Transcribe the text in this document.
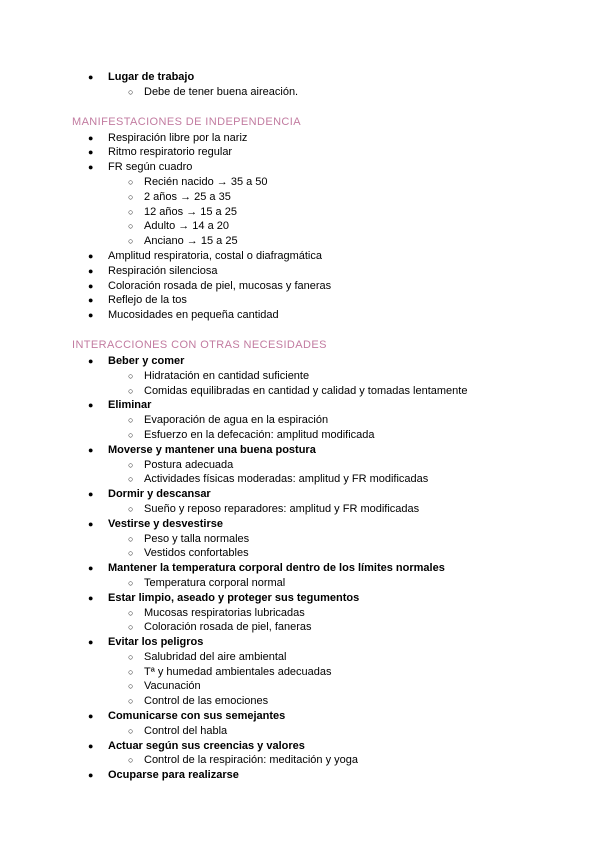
● Lugar de trabajo
○ Debe de tener buena aireación.
MANIFESTACIONES DE INDEPENDENCIA
● Respiración libre por la nariz
● Ritmo respiratorio regular
● FR según cuadro
○ Recién nacido → 35 a 50
○ 2 años → 25 a 35
○ 12 años → 15 a 25
○ Adulto → 14 a 20
○ Anciano → 15 a 25
● Amplitud respiratoria, costal o diafragmática
● Respiración silenciosa
● Coloración rosada de piel, mucosas y faneras
● Reflejo de la tos
● Mucosidades en pequeña cantidad
INTERACCIONES CON OTRAS NECESIDADES
● Beber y comer
○ Hidratación en cantidad suficiente
○ Comidas equilibradas en cantidad y calidad y tomadas lentamente
● Eliminar
○ Evaporación de agua en la espiración
○ Esfuerzo en la defecación: amplitud modificada
● Moverse y mantener una buena postura
○ Postura adecuada
○ Actividades físicas moderadas: amplitud y FR modificadas
● Dormir y descansar
○ Sueño y reposo reparadores: amplitud y FR modificadas
● Vestirse y desvestirse
○ Peso y talla normales
○ Vestidos confortables
● Mantener la temperatura corporal dentro de los límites normales
○ Temperatura corporal normal
● Estar limpio, aseado y proteger sus tegumentos
○ Mucosas respiratorias lubricadas
○ Coloración rosada de piel, faneras
● Evitar los peligros
○ Salubridad del aire ambiental
○ Tª y humedad ambientales adecuadas
○ Vacunación
○ Control de las emociones
● Comunicarse con sus semejantes
○ Control del habla
● Actuar según sus creencias y valores
○ Control de la respiración: meditación y yoga
● Ocuparse para realizarse
